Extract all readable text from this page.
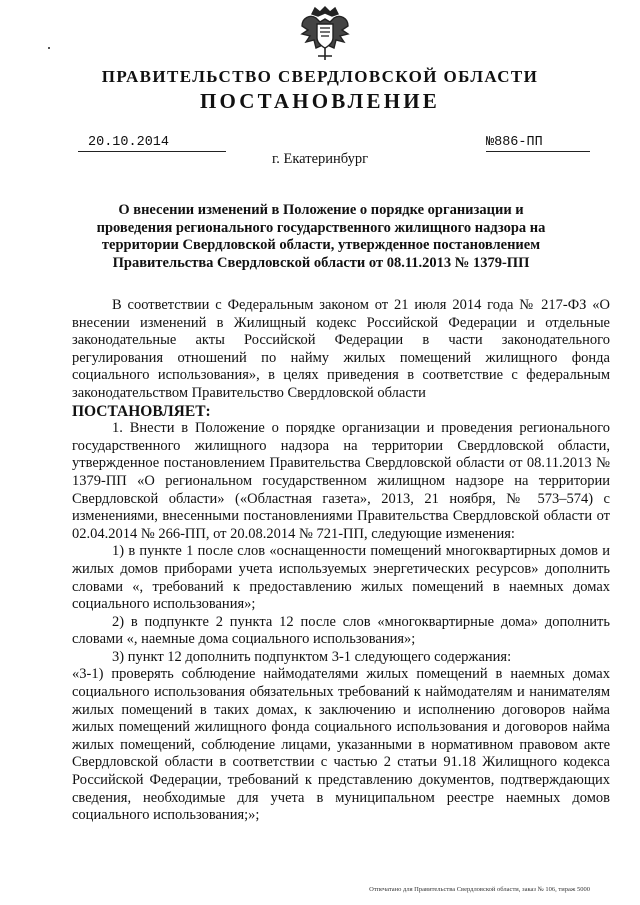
ПРАВИТЕЛЬСТВО СВЕРДЛОВСКОЙ ОБЛАСТИ
ПОСТАНОВЛЕНИЕ
20.10.2014	№886-ПП
г. Екатеринбург
О внесении изменений в Положение о порядке организации и проведения регионального государственного жилищного надзора на территории Свердловской области, утвержденное постановлением Правительства Свердловской области от 08.11.2013 № 1379-ПП

В соответствии с Федеральным законом от 21 июля 2014 года № 217-ФЗ «О внесении изменений в Жилищный кодекс Российской Федерации и отдельные законодательные акты Российской Федерации в части законодательного регулирования отношений по найму жилых помещений жилищного фонда социального использования», в целях приведения в соответствие с федеральным законодательством Правительство Свердловской области

ПОСТАНОВЛЯЕТ:

1. Внести в Положение о порядке организации и проведения регионального государственного жилищного надзора на территории Свердловской области, утвержденное постановлением Правительства Свердловской области от 08.11.2013 № 1379-ПП «О региональном государственном жилищном надзоре на территории Свердловской области» («Областная газета», 2013, 21 ноября, № 573–574) с изменениями, внесенными постановлениями Правительства Свердловской области от 02.04.2014 № 266-ПП, от 20.08.2014 № 721-ПП, следующие изменения:

1) в пункте 1 после слов «оснащенности помещений многоквартирных домов и жилых домов приборами учета используемых энергетических ресурсов» дополнить словами «, требований к предоставлению жилых помещений в наемных домах социального использования»;

2) в подпункте 2 пункта 12 после слов «многоквартирные дома» дополнить словами «, наемные дома социального использования»;

3) пункт 12 дополнить подпунктом 3-1 следующего содержания:

«3-1) проверять соблюдение наймодателями жилых помещений в наемных домах социального использования обязательных требований к наймодателям и нанимателям жилых помещений в таких домах, к заключению и исполнению договоров найма жилых помещений жилищного фонда социального использования и договоров найма жилых помещений, соблюдение лицами, указанными в нормативном правовом акте Свердловской области в соответствии с частью 2 статьи 91.18 Жилищного кодекса Российской Федерации, требований к представлению документов, подтверждающих сведения, необходимые для учета в муниципальном реестре наемных домов социального использования;»;

Отпечатано для Правительства Свердловской области, заказ № 106, тираж 5000
